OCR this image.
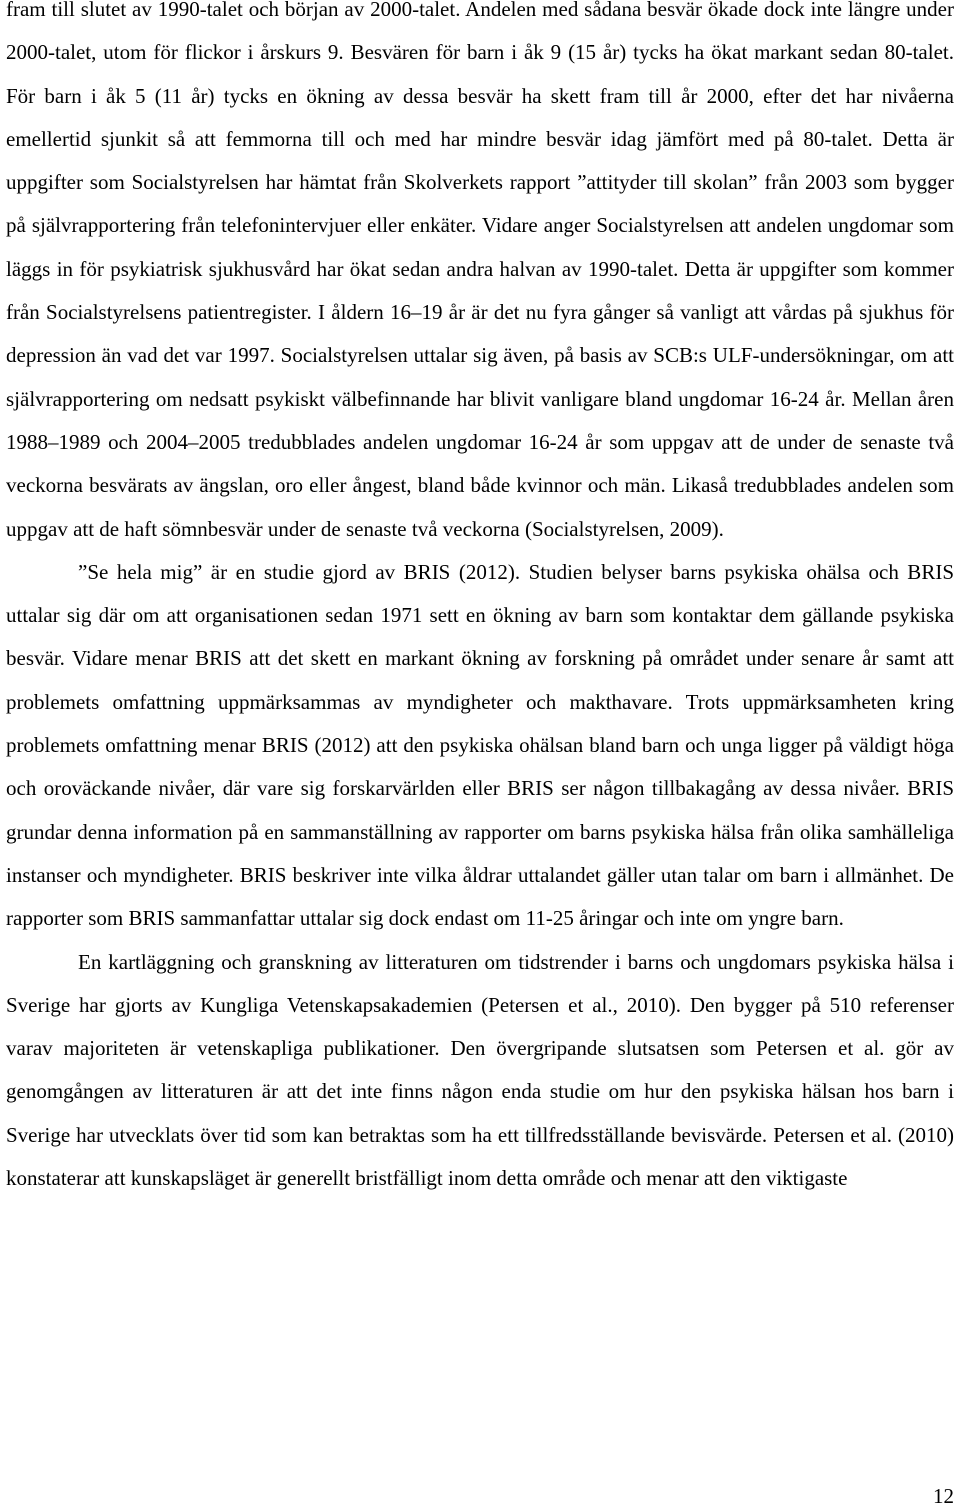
fram till slutet av 1990-talet och början av 2000-talet. Andelen med sådana besvär ökade dock inte längre under 2000-talet, utom för flickor i årskurs 9. Besvären för barn i åk 9 (15 år) tycks ha ökat markant sedan 80-talet. För barn i åk 5 (11 år) tycks en ökning av dessa besvär ha skett fram till år 2000, efter det har nivåerna emellertid sjunkit så att femmorna till och med har mindre besvär idag jämfört med på 80-talet. Detta är uppgifter som Socialstyrelsen har hämtat från Skolverkets rapport ”attityder till skolan” från 2003 som bygger på självrapportering från telefonintervjuer eller enkäter. Vidare anger Socialstyrelsen att andelen ungdomar som läggs in för psykiatrisk sjukhusvård har ökat sedan andra halvan av 1990-talet. Detta är uppgifter som kommer från Socialstyrelsens patientregister. I åldern 16–19 år är det nu fyra gånger så vanligt att vårdas på sjukhus för depression än vad det var 1997. Socialstyrelsen uttalar sig även, på basis av SCB:s ULF-undersökningar, om att självrapportering om nedsatt psykiskt välbefinnande har blivit vanligare bland ungdomar 16-24 år. Mellan åren 1988–1989 och 2004–2005 tredubblades andelen ungdomar 16-24 år som uppgav att de under de senaste två veckorna besvärats av ängslan, oro eller ångest, bland både kvinnor och män. Likaså tredubblades andelen som uppgav att de haft sömnbesvär under de senaste två veckorna (Socialstyrelsen, 2009).

”Se hela mig” är en studie gjord av BRIS (2012). Studien belyser barns psykiska ohälsa och BRIS uttalar sig där om att organisationen sedan 1971 sett en ökning av barn som kontaktar dem gällande psykiska besvär. Vidare menar BRIS att det skett en markant ökning av forskning på området under senare år samt att problemets omfattning uppmärksammas av myndigheter och makthavare. Trots uppmärksamheten kring problemets omfattning menar BRIS (2012) att den psykiska ohälsan bland barn och unga ligger på väldigt höga och oroväckande nivåer, där vare sig forskarvärlden eller BRIS ser någon tillbakagång av dessa nivåer. BRIS grundar denna information på en sammanställning av rapporter om barns psykiska hälsa från olika samhälleliga instanser och myndigheter. BRIS beskriver inte vilka åldrar uttalandet gäller utan talar om barn i allmänhet. De rapporter som BRIS sammanfattar uttalar sig dock endast om 11-25 åringar och inte om yngre barn.

En kartläggning och granskning av litteraturen om tidstrender i barns och ungdomars psykiska hälsa i Sverige har gjorts av Kungliga Vetenskapsakademien (Petersen et al., 2010). Den bygger på 510 referenser varav majoriteten är vetenskapliga publikationer. Den övergripande slutsatsen som Petersen et al. gör av genomgången av litteraturen är att det inte finns någon enda studie om hur den psykiska hälsan hos barn i Sverige har utvecklats över tid som kan betraktas som ha ett tillfredsställande bevisvärde. Petersen et al. (2010) konstaterar att kunskapsläget är generellt bristfälligt inom detta område och menar att den viktigaste

12
